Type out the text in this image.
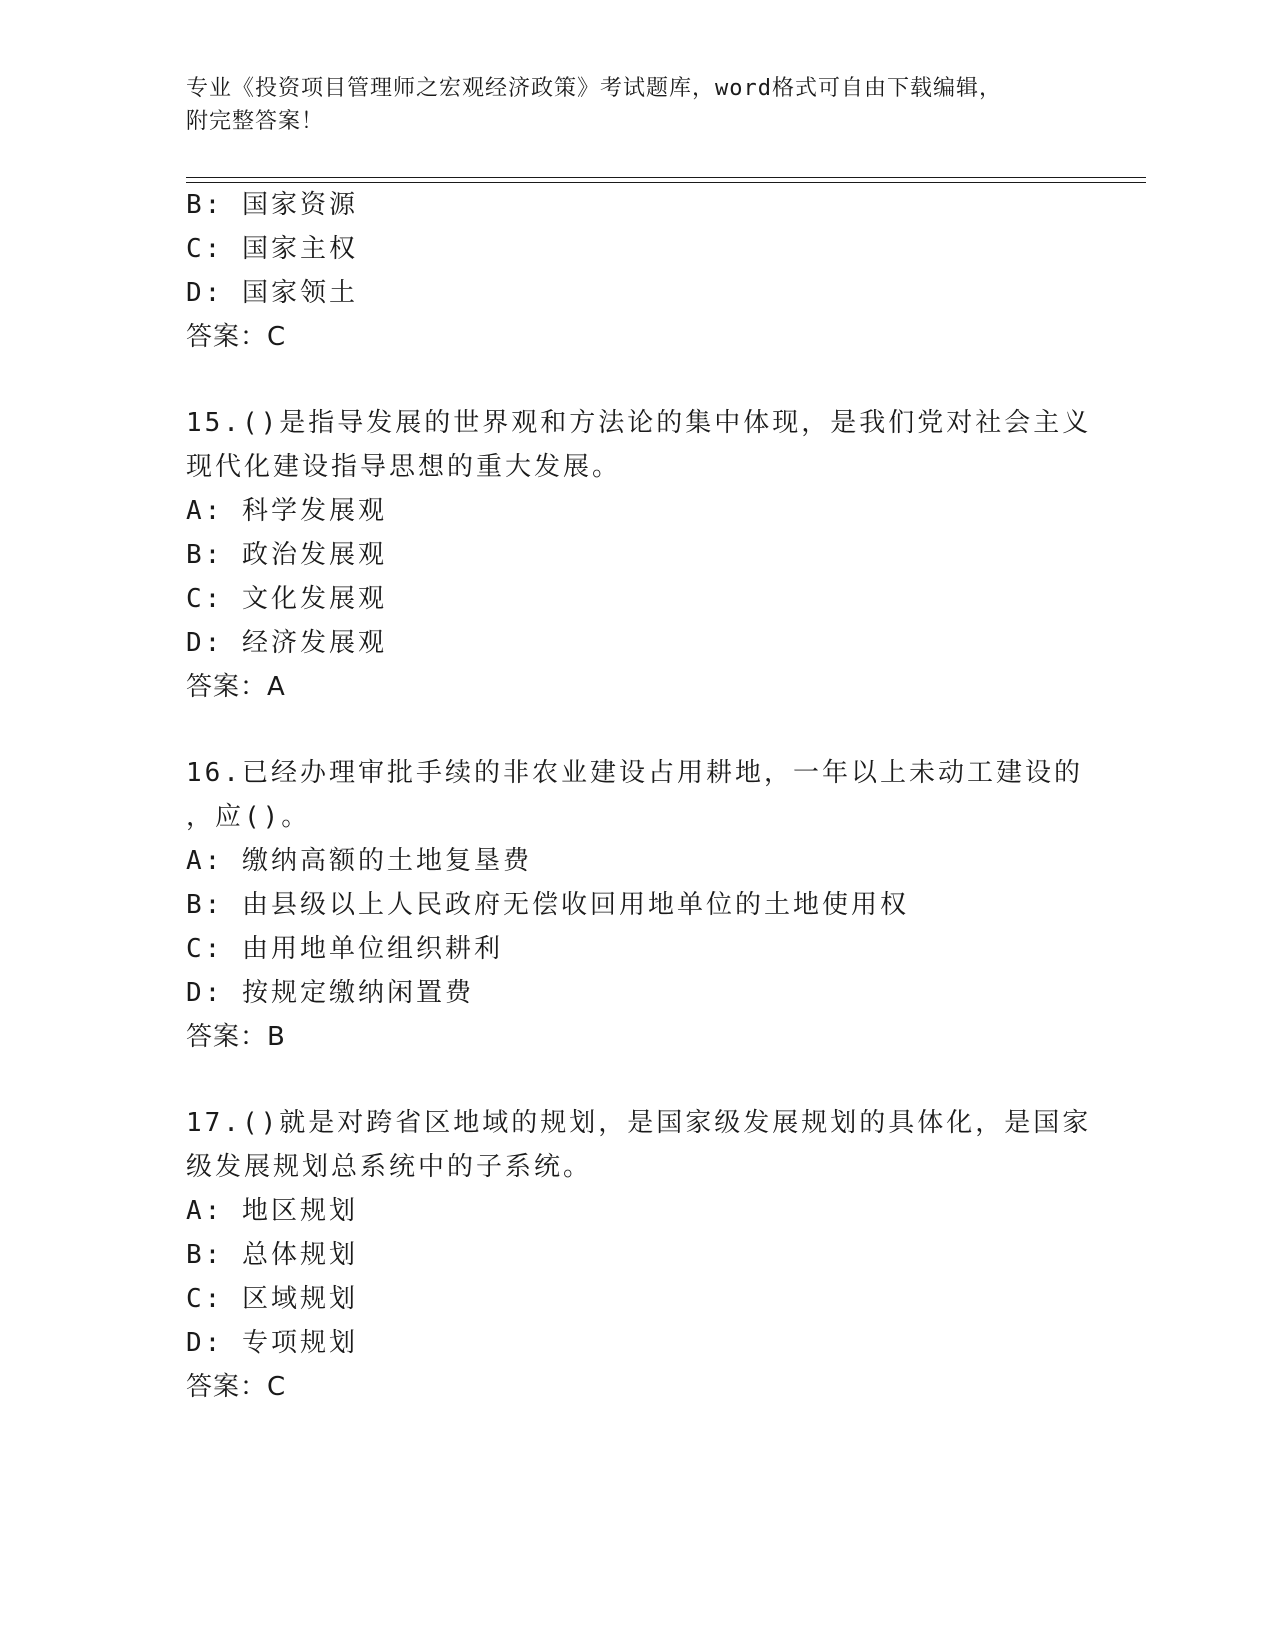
专业《投资项目管理师之宏观经济政策》考试题库，word格式可自由下载编辑，
附完整答案！
B: 国家资源
C: 国家主权
D: 国家领土
答案：C
15.()是指导发展的世界观和方法论的集中体现，是我们党对社会主义
现代化建设指导思想的重大发展。
A: 科学发展观
B: 政治发展观
C: 文化发展观
D: 经济发展观
答案：A
16.已经办理审批手续的非农业建设占用耕地，一年以上未动工建设的
，应()。
A: 缴纳高额的土地复垦费
B: 由县级以上人民政府无偿收回用地单位的土地使用权
C: 由用地单位组织耕利
D: 按规定缴纳闲置费
答案：B
17.()就是对跨省区地域的规划，是国家级发展规划的具体化，是国家
级发展规划总系统中的子系统。
A: 地区规划
B: 总体规划
C: 区域规划
D: 专项规划
答案：C
